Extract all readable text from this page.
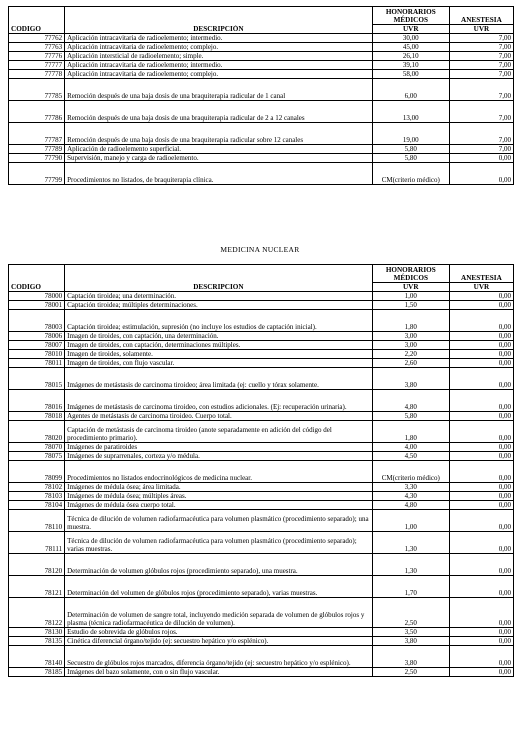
		HONORARIOS MÉDICOS	ANESTESIA
CODIGO	DESCRIPCIÓN	UVR	UVR
77762	Aplicación intracavitaria de radioelemento; intermedio.	30,00	7,00
77763	Aplicación intracavitaria de radioelemento; complejo.	45,00	7,00
77776	Aplicación intersticial de radioelemento; simple.	26,10	7,00
77777	Aplicación intracavitaria de radioelemento; intermedio.	39,10	7,00
77778	Aplicación intracavitaria de radioelemento; complejo.	58,00	7,00
77785	Remoción después de una baja dosis de una braquiterapia radicular de 1 canal	6,00	7,00
77786	Remoción después de una baja dosis de una braquiterapia radicular de 2 a 12 canales	13,00	7,00
77787	Remoción después de una baja dosis de una braquiterapia radicular sobre 12 canales	19,00	7,00
77789	Aplicación de radioelemento superficial.	5,80	7,00
77790	Supervisión, manejo y carga de radioelemento.	5,80	0,00
77799	Procedimientos no listados, de braquiterapia clínica.	CM(criterio médico)	0,00
MEDICINA NUCLEAR
		HONORARIOS MÉDICOS	ANESTESIA
CODIGO	DESCRIPCION	UVR	UVR
78000	Captación tiroidea; una determinación.	1,00	0,00
78001	Captación tiroidea; múltiples determinaciones.	1,50	0,00
78003	Captación tiroidea; estimulación, supresión (no incluye los estudios de captación inicial).	1,80	0,00
78006	Imagen de tiroides, con captación, una determinación.	3,00	0,00
78007	Imagen de tiroides, con captación, determinaciones múltiples.	3,00	0,00
78010	Imagen de tiroides, solamente.	2,20	0,00
78011	Imagen de tiroides, con flujo vascular.	2,60	0,00
78015	Imágenes de metástasis de carcinoma tiroideo; área limitada (ej: cuello y tórax solamente.	3,80	0,00
78016	Imágenes de metástasis de carcinoma tiroideo, con estudios adicionales. (Ej: recuperación urinaria).	4,80	0,00
78018	Agentes de metástasis de carcinoma tiroideo. Cuerpo total.	5,80	0,00
78020	Captación de metástasis de carcinoma tiroideo (anote separadamente en adición del código del procedimiento primario).	1,80	0,00
78070	Imágenes de paratiroides	4,00	0,00
78075	Imágenes de suprarrenales, corteza y/o médula.	4,50	0,00
78099	Procedimientos no listados endocrinológicos de medicina nuclear.	CM(criterio médico)	0,00
78102	Imágenes de médula ósea; área limitada.	3,30	0,00
78103	Imágenes de médula ósea; múltiples áreas.	4,30	0,00
78104	Imágenes de médula ósea cuerpo total.	4,80	0,00
78110	Técnica de dilución de volumen radiofarmacéutica para volumen plasmático (procedimiento separado); una muestra.	1,00	0,00
78111	Técnica de dilución de volumen radiofarmacéutica para volumen plasmático (procedimiento separado); varias muestras.	1,30	0,00
78120	Determinación de volumen glóbulos rojos (procedimiento separado), una muestra.	1,30	0,00
78121	Determinación del volumen de glóbulos rojos (procedimiento separado), varias muestras.	1,70	0,00
78122	Determinación de volumen de sangre total, incluyendo medición separada de volumen de glóbulos rojos y plasma (técnica radiofarmacéutica de dilución de volumen).	2,50	0,00
78130	Estudio de sobrevida de glóbulos rojos.	3,50	0,00
78135	Cinética diferencial órgano/tejido (ej: secuestro hepático y/o esplénico).	3,80	0,00
78140	Secuestro de glóbulos rojos marcados, diferencia órgano/tejido (ej: secuestro hepático y/o esplénico).	3,80	0,00
78185	Imágenes del bazo solamente, con o sin flujo vascular.	2,50	0,00
